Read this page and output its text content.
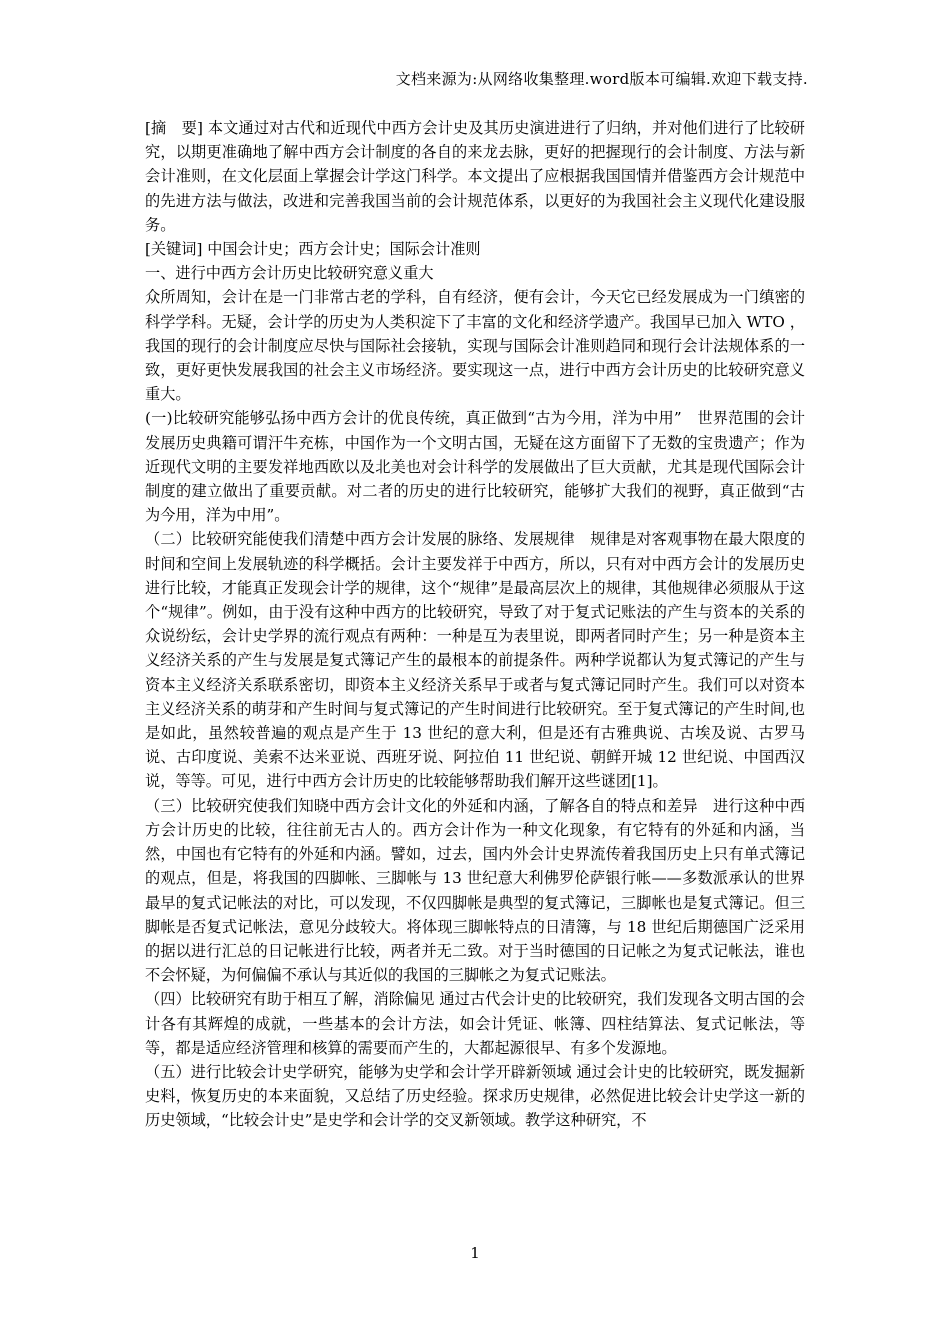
文档来源为:从网络收集整理.word版本可编辑.欢迎下载支持.

[摘　要] 本文通过对古代和近现代中西方会计史及其历史演进进行了归纳，并对他们进行了比较研究，以期更准确地了解中西方会计制度的各自的来龙去脉，更好的把握现行的会计制度、方法与新会计准则，在文化层面上掌握会计学这门科学。本文提出了应根据我国国情并借鉴西方会计规范中的先进方法与做法，改进和完善我国当前的会计规范体系，以更好的为我国社会主义现代化建设服务。

[关键词] 中国会计史；西方会计史；国际会计准则

一、进行中西方会计历史比较研究意义重大

众所周知，会计在是一门非常古老的学科，自有经济，便有会计，今天它已经发展成为一门缜密的科学学科。无疑，会计学的历史为人类积淀下了丰富的文化和经济学遗产。我国早已加入 WTO ，我国的现行的会计制度应尽快与国际社会接轨，实现与国际会计准则趋同和现行会计法规体系的一致，更好更快发展我国的社会主义市场经济。要实现这一点，进行中西方会计历史的比较研究意义重大。

(一)比较研究能够弘扬中西方会计的优良传统，真正做到“古为今用，洋为中用”　世界范围的会计发展历史典籍可谓汗牛充栋，中国作为一个文明古国，无疑在这方面留下了无数的宝贵遗产；作为近现代文明的主要发祥地西欧以及北美也对会计科学的发展做出了巨大贡献，尤其是现代国际会计制度的建立做出了重要贡献。对二者的历史的进行比较研究，能够扩大我们的视野，真正做到“古为今用，洋为中用”。

（二）比较研究能使我们清楚中西方会计发展的脉络、发展规律　规律是对客观事物在最大限度的时间和空间上发展轨迹的科学概括。会计主要发祥于中西方，所以，只有对中西方会计的发展历史进行比较，才能真正发现会计学的规律，这个“规律”是最高层次上的规律，其他规律必须服从于这个“规律”。例如，由于没有这种中西方的比较研究，导致了对于复式记账法的产生与资本的关系的众说纷纭，会计史学界的流行观点有两种：一种是互为表里说，即两者同时产生；另一种是资本主义经济关系的产生与发展是复式簿记产生的最根本的前提条件。两种学说都认为复式簿记的产生与资本主义经济关系联系密切，即资本主义经济关系早于或者与复式簿记同时产生。我们可以对资本主义经济关系的萌芽和产生时间与复式簿记的产生时间进行比较研究。至于复式簿记的产生时间,也是如此，虽然较普遍的观点是产生于 13 世纪的意大利，但是还有古雅典说、古埃及说、古罗马说、古印度说、美索不达米亚说、西班牙说、阿拉伯 11 世纪说、朝鲜开城 12 世纪说、中国西汉说，等等。可见，进行中西方会计历史的比较能够帮助我们解开这些谜团[1]。

（三）比较研究使我们知晓中西方会计文化的外延和内涵，了解各自的特点和差异　进行这种中西方会计历史的比较，往往前无古人的。西方会计作为一种文化现象，有它特有的外延和内涵，当然，中国也有它特有的外延和内涵。譬如，过去，国内外会计史界流传着我国历史上只有单式簿记的观点，但是，将我国的四脚帐、三脚帐与 13 世纪意大利佛罗伦萨银行帐——多数派承认的世界最早的复式记帐法的对比，可以发现，不仅四脚帐是典型的复式簿记，三脚帐也是复式簿记。但三脚帐是否复式记帐法，意见分歧较大。将体现三脚帐特点的日清簿，与 18 世纪后期德国广泛采用的据以进行汇总的日记帐进行比较，两者并无二致。对于当时德国的日记帐之为复式记帐法，谁也不会怀疑，为何偏偏不承认与其近似的我国的三脚帐之为复式记账法。

（四）比较研究有助于相互了解，消除偏见 通过古代会计史的比较研究，我们发现各文明古国的会计各有其辉煌的成就，一些基本的会计方法，如会计凭证、帐簿、四柱结算法、复式记帐法，等等，都是适应经济管理和核算的需要而产生的，大都起源很早、有多个发源地。

（五）进行比较会计史学研究，能够为史学和会计学开辟新领域 通过会计史的比较研究，既发掘新史料，恢复历史的本来面貌，又总结了历史经验。探求历史规律，必然促进比较会计史学这一新的历史领域，“比较会计史”是史学和会计学的交叉新领域。教学这种研究，不

1
